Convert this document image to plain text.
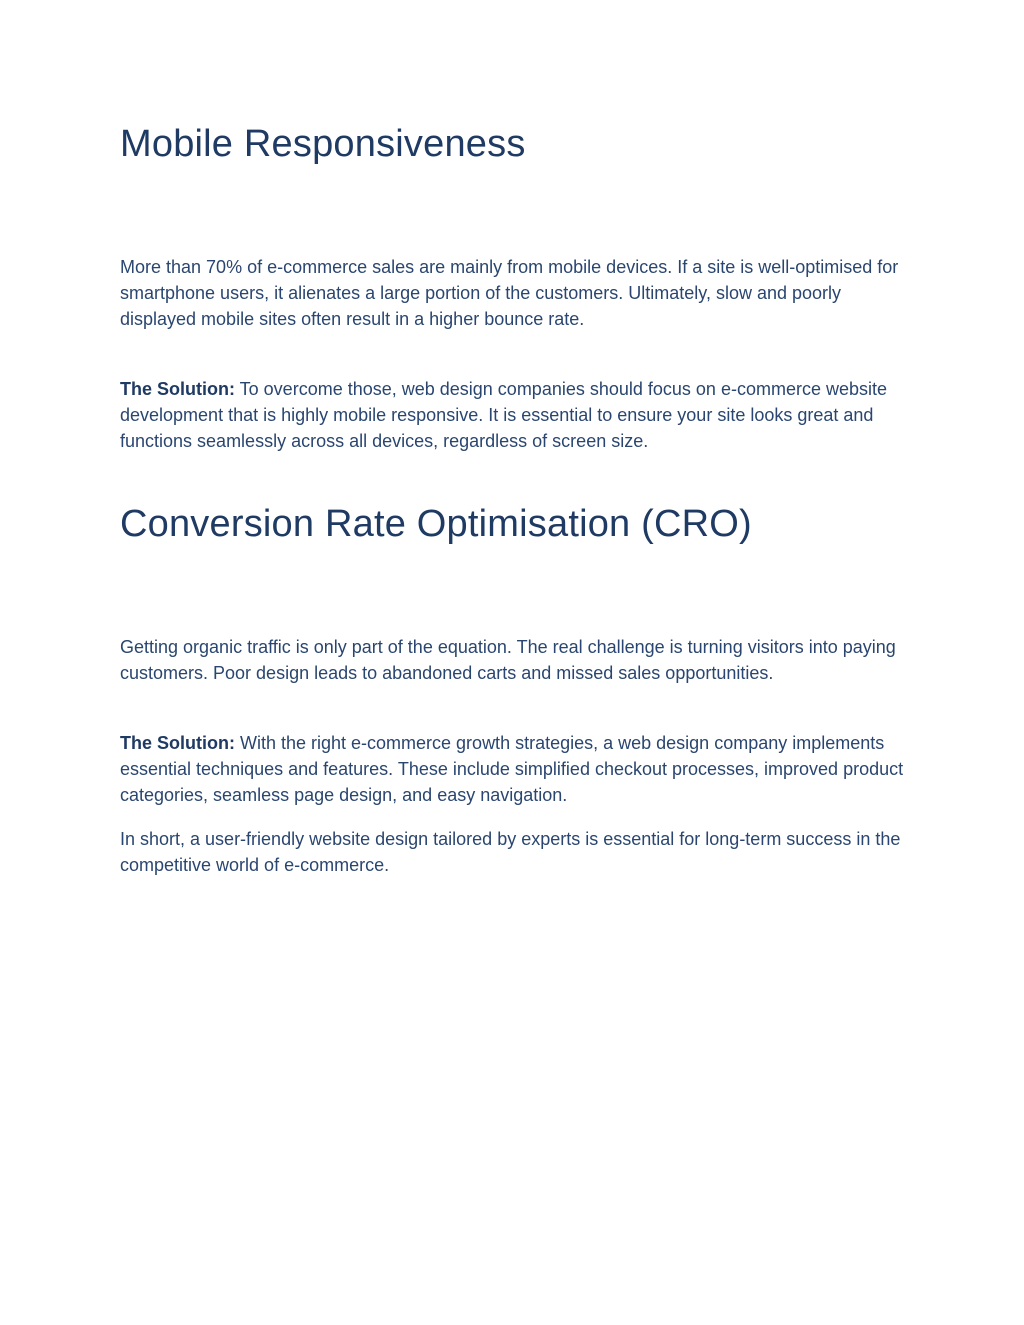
Mobile Responsiveness

More than 70% of e-commerce sales are mainly from mobile devices. If a site is well-optimised for smartphone users, it alienates a large portion of the customers. Ultimately, slow and poorly displayed mobile sites often result in a higher bounce rate.

The Solution: To overcome those, web design companies should focus on e-commerce website development that is highly mobile responsive. It is essential to ensure your site looks great and functions seamlessly across all devices, regardless of screen size.

Conversion Rate Optimisation (CRO)

Getting organic traffic is only part of the equation. The real challenge is turning visitors into paying customers. Poor design leads to abandoned carts and missed sales opportunities.

The Solution: With the right e-commerce growth strategies, a web design company implements essential techniques and features. These include simplified checkout processes, improved product categories, seamless page design, and easy navigation.

In short, a user-friendly website design tailored by experts is essential for long-term success in the competitive world of e-commerce.
